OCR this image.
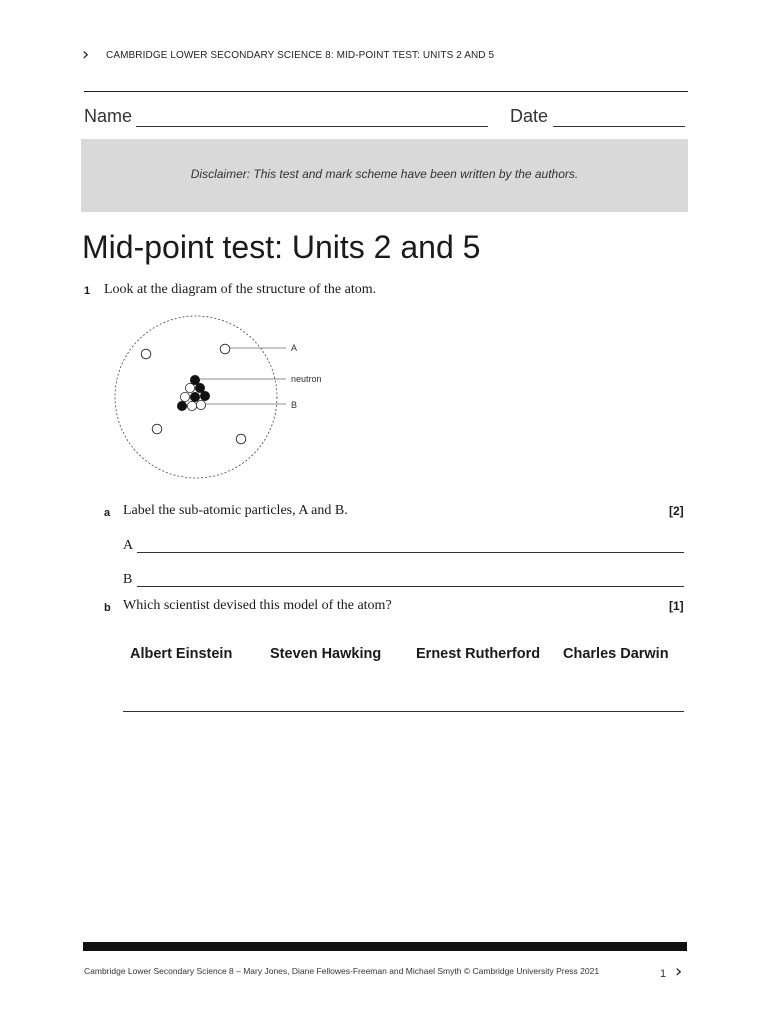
› CAMBRIDGE LOWER SECONDARY SCIENCE 8: MID-POINT TEST: UNITS 2 AND 5
Name	Date
Disclaimer: This test and mark scheme have been written by the authors.
Mid-point test: Units 2 and 5
1 Look at the diagram of the structure of the atom.
A
neutron
B
a Label the sub-atomic particles, A and B.	[2]
A
B
b Which scientist devised this model of the atom?	[1]
Albert Einstein	Steven Hawking Ernest Rutherford Charles Darwin
Cambridge Lower Secondary Science 8 – Mary Jones, Diane Fellowes-Freeman and Michael Smyth © Cambridge University Press 2021	1 ›
